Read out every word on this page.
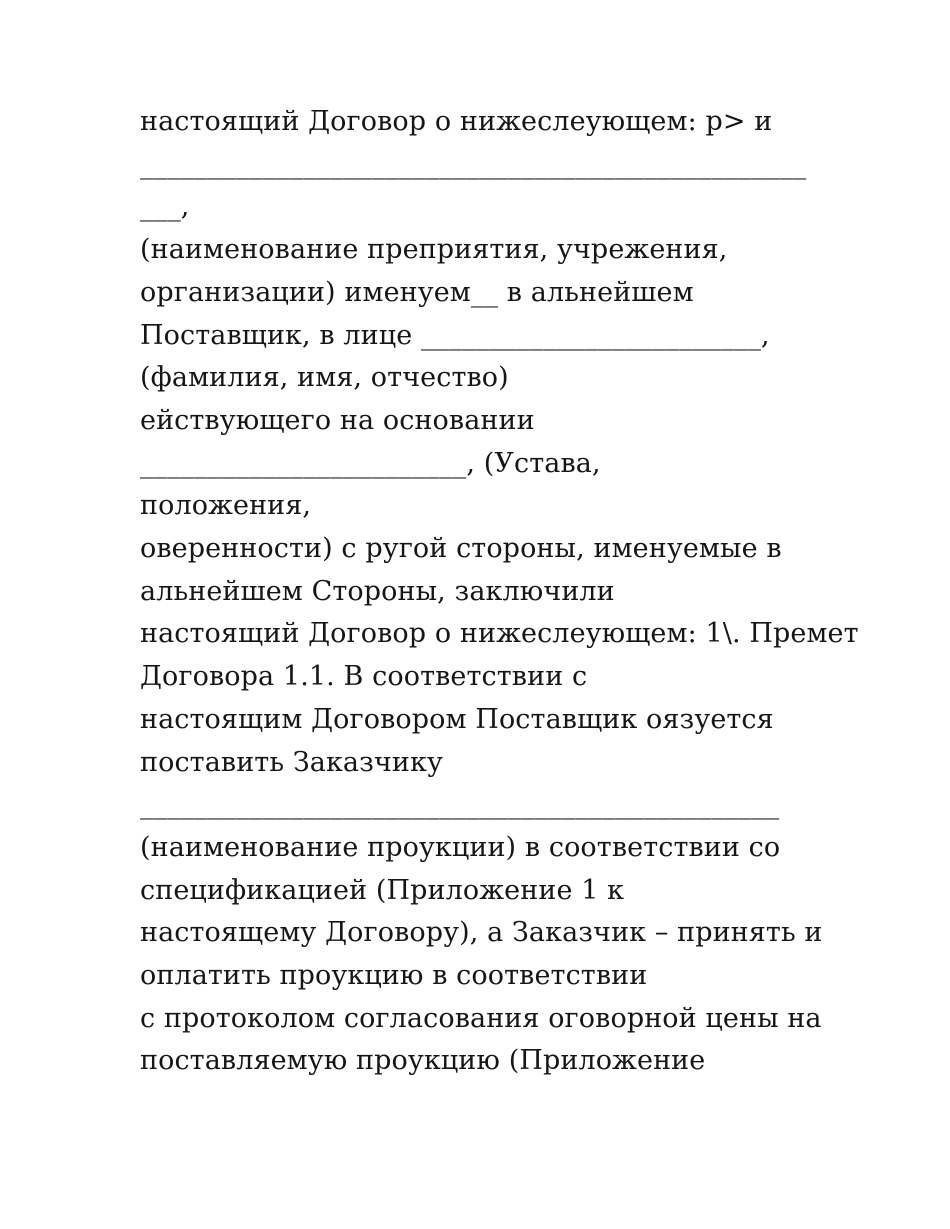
настоящий Договор о нижеслеующем: p> и
_________________________________________________
___,
(наименование преприятия, учрежения,
организации) именуем__ в альнейшем
Поставщик, в лице _________________________,
(фамилия, имя, отчество)
ействующего на основании
________________________, (Устава,
положения,
оверенности) с ругой стороны, именуемые в
альнейшем Стороны, заключили
настоящий Договор о нижеслеующем: 1\. Премет
Договора 1.1. В соответствии с
настоящим Договором Поставщик оязуется
поставить Заказчику
_______________________________________________
(наименование проукции) в соответствии со
спецификацией (Приложение 1 к
настоящему Договору), а Заказчик – принять и
оплатить проукцию в соответствии
с протоколом согласования оговорной цены на
поставляемую проукцию (Приложение
